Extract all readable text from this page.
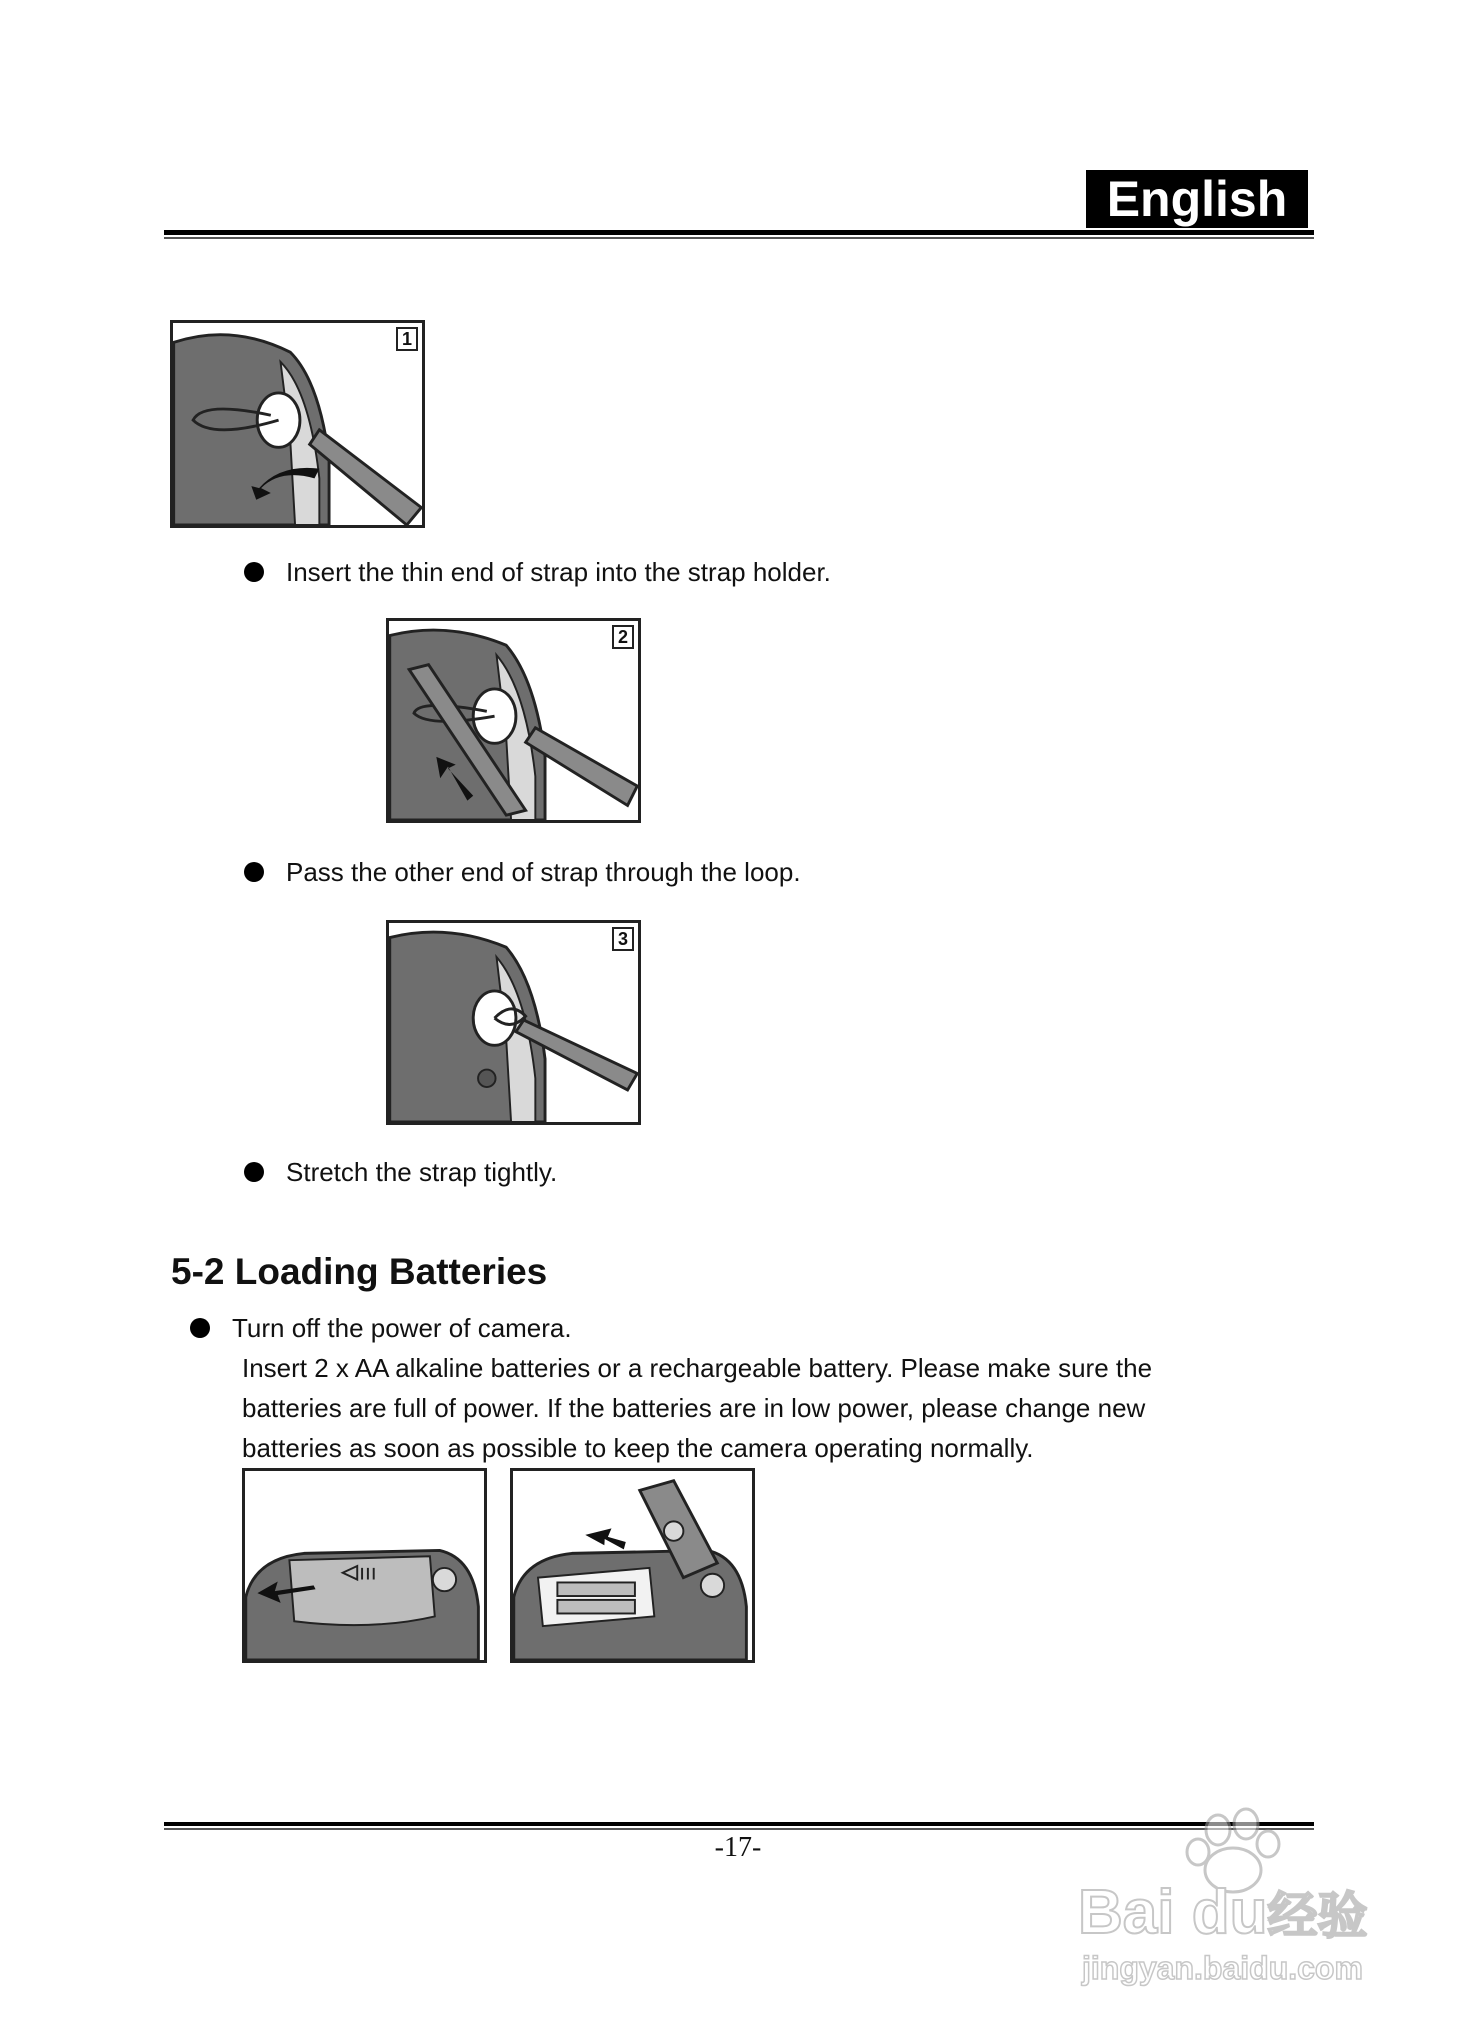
English
1
Insert the thin end of strap into the strap holder.
2
Pass the other end of strap through the loop.
3
Stretch the strap tightly.
5-2 Loading Batteries
Turn off the power of camera.
Insert 2 x AA alkaline batteries or a rechargeable battery. Please make sure the
batteries are full of power. If the batteries are in low power, please change new
batteries as soon as possible to keep the camera operating normally.
-17-
Bai du经验
jingyan.baidu.com
